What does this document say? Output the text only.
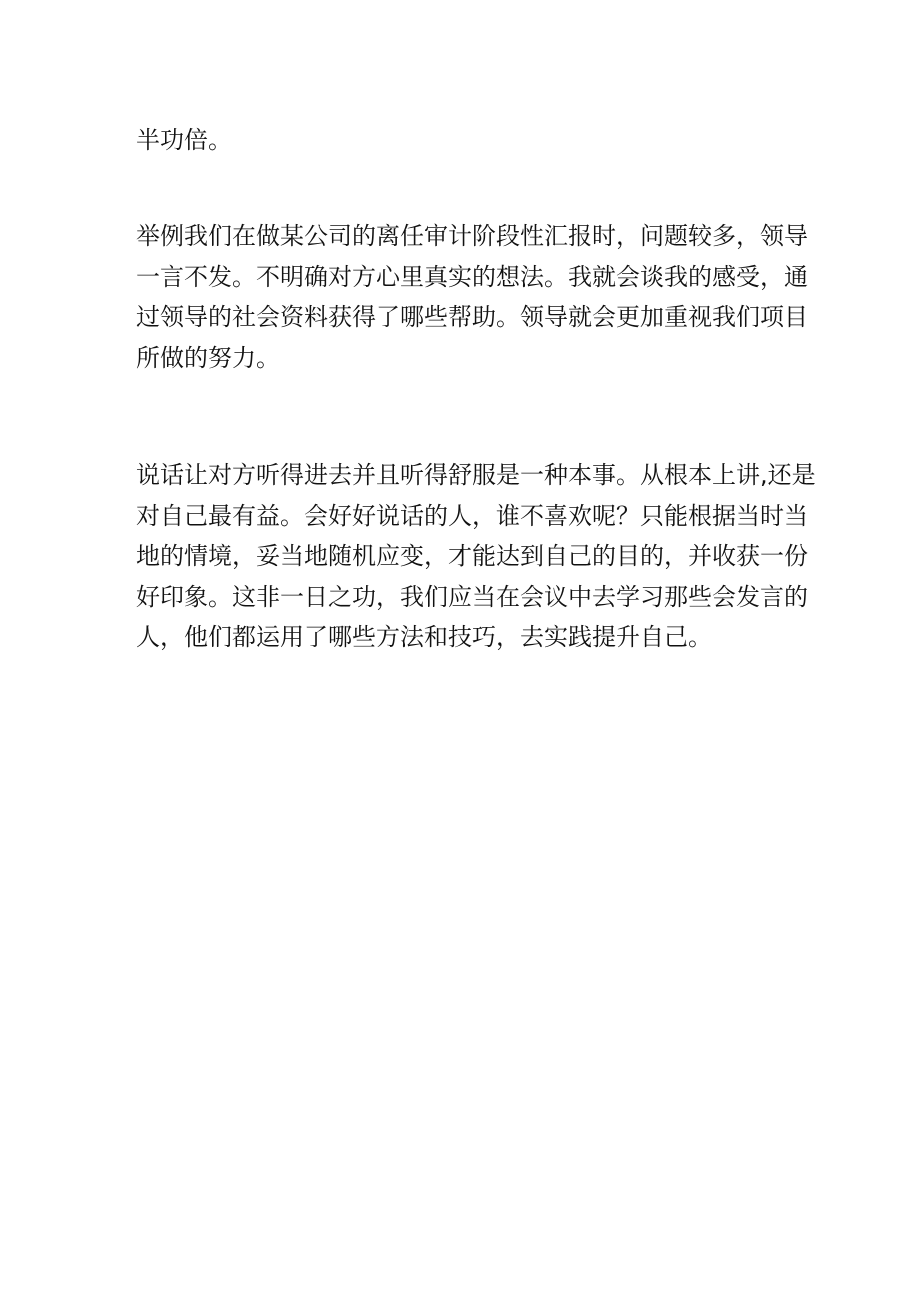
半功倍。

举例我们在做某公司的离任审计阶段性汇报时，问题较多，领导
一言不发。不明确对方心里真实的想法。我就会谈我的感受，通
过领导的社会资料获得了哪些帮助。领导就会更加重视我们项目
所做的努力。

说话让对方听得进去并且听得舒服是一种本事。从根本上讲,还是
对自己最有益。会好好说话的人，谁不喜欢呢？只能根据当时当
地的情境，妥当地随机应变，才能达到自己的目的，并收获一份
好印象。这非一日之功，我们应当在会议中去学习那些会发言的
人，他们都运用了哪些方法和技巧，去实践提升自己。
